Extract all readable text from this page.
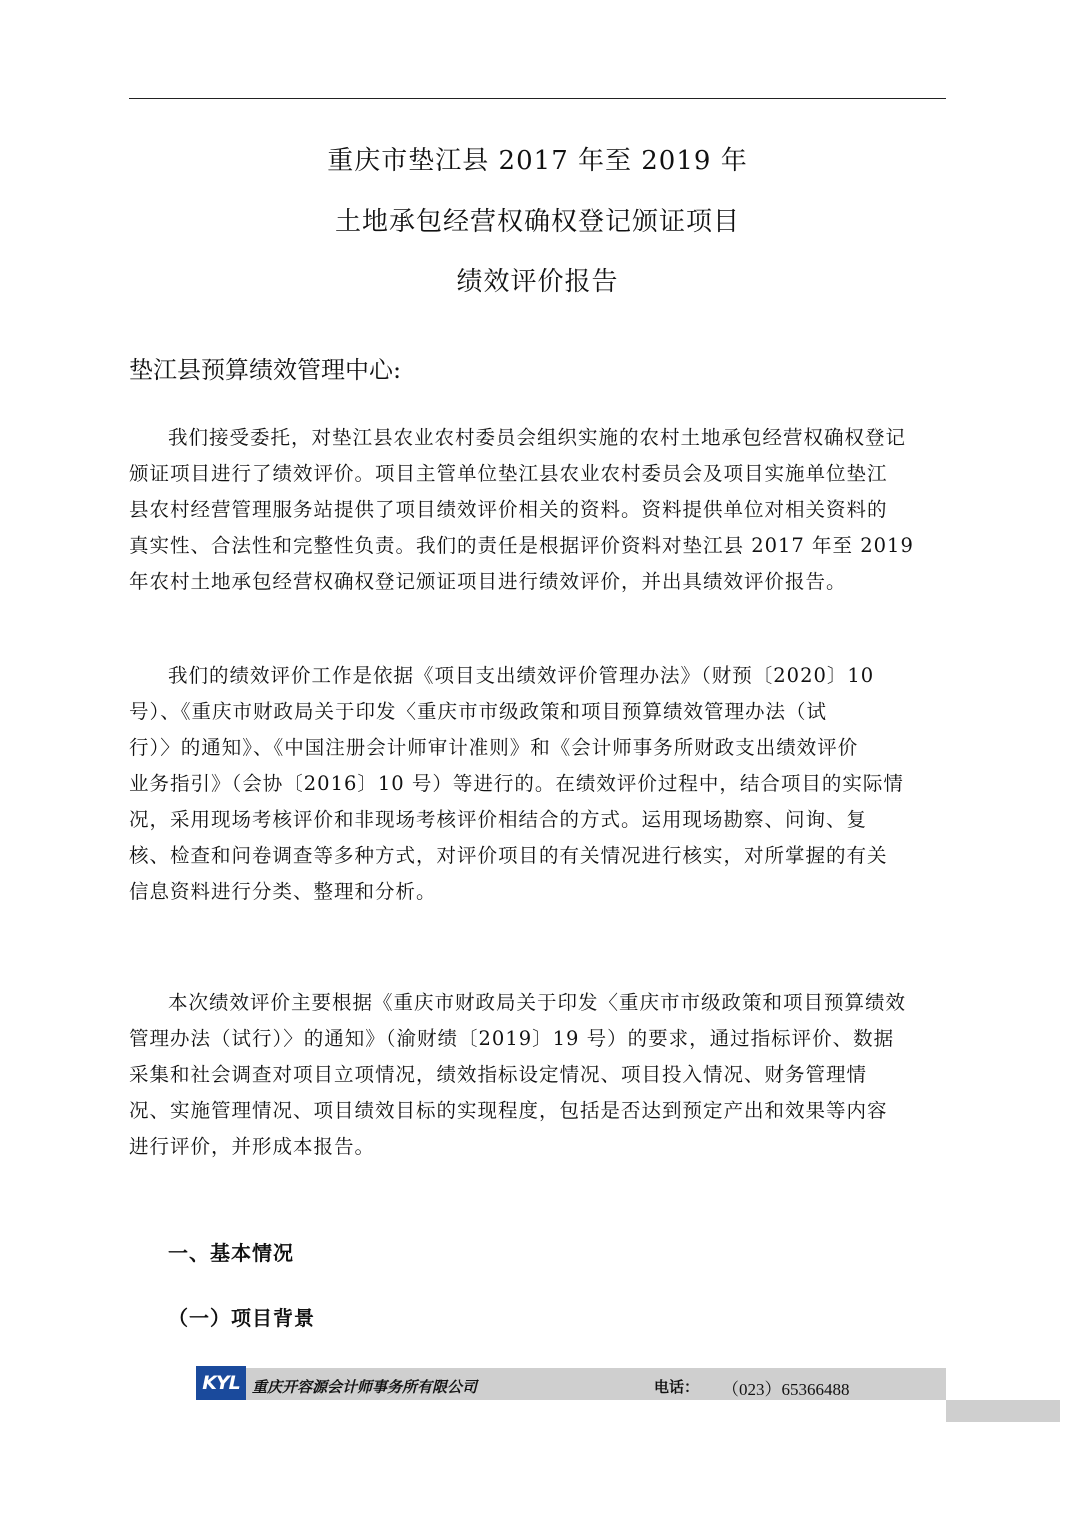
重庆市垫江县 2017 年至 2019 年
土地承包经营权确权登记颁证项目
绩效评价报告
垫江县预算绩效管理中心:
我们接受委托，对垫江县农业农村委员会组织实施的农村土地承包经营权确权登记
颁证项目进行了绩效评价。项目主管单位垫江县农业农村委员会及项目实施单位垫江
县农村经营管理服务站提供了项目绩效评价相关的资料。资料提供单位对相关资料的
真实性、合法性和完整性负责。我们的责任是根据评价资料对垫江县 2017 年至 2019
年农村土地承包经营权确权登记颁证项目进行绩效评价，并出具绩效评价报告。
我们的绩效评价工作是依据《项目支出绩效评价管理办法》（财预〔2020〕10
号）、《重庆市财政局关于印发〈重庆市市级政策和项目预算绩效管理办法（试
行）〉的通知》、《中国注册会计师审计准则》和《会计师事务所财政支出绩效评价
业务指引》（会协〔2016〕10 号）等进行的。在绩效评价过程中，结合项目的实际情
况，采用现场考核评价和非现场考核评价相结合的方式。运用现场勘察、问询、复
核、检查和问卷调查等多种方式，对评价项目的有关情况进行核实，对所掌握的有关
信息资料进行分类、整理和分析。
本次绩效评价主要根据《重庆市财政局关于印发〈重庆市市级政策和项目预算绩效
管理办法（试行）〉的通知》（渝财绩〔2019〕19 号）的要求，通过指标评价、数据
采集和社会调查对项目立项情况，绩效指标设定情况、项目投入情况、财务管理情
况、实施管理情况、项目绩效目标的实现程度，包括是否达到预定产出和效果等内容
进行评价，并形成本报告。
一、基本情况
（一）项目背景
KYL 重庆开容源会计师事务所有限公司	电话： （023）65366488
